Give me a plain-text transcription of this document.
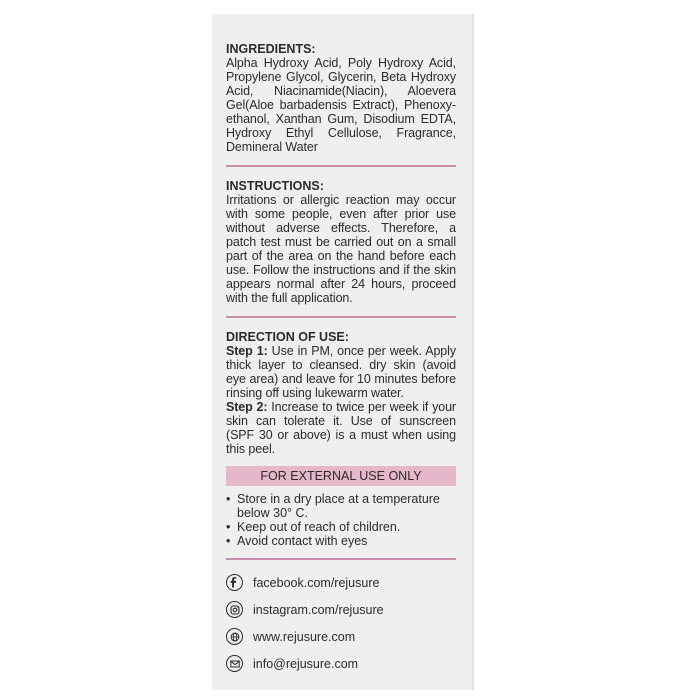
INGREDIENTS:

Alpha Hydroxy Acid, Poly Hydroxy Acid, Propylene Glycol, Glycerin, Beta Hydroxy Acid, Niacinamide(Niacin), Aloevera Gel(Aloe barbadensis Extract), Phenoxy-ethanol, Xanthan Gum, Disodium EDTA, Hydroxy Ethyl Cellulose, Fragrance, Demineral Water

INSTRUCTIONS:

Irritations or allergic reaction may occur with some people, even after prior use without adverse effects. Therefore, a patch test must be carried out on a small part of the area on the hand before each use. Follow the instructions and if the skin appears normal after 24 hours, proceed with the full application.

DIRECTION OF USE:

Step 1: Use in PM, once per week. Apply thick layer to cleansed. dry skin (avoid eye area) and leave for 10 minutes before rinsing off using lukewarm water.

Step 2: Increase to twice per week if your skin can tolerate it. Use of sunscreen (SPF 30 or above) is a must when using this peel.

FOR EXTERNAL USE ONLY
• Store in a dry place at a temperature below 30° C.
• Keep out of reach of children.
• Avoid contact with eyes
facebook.com/rejusure
instagram.com/rejusure
www.rejusure.com
info@rejusure.com
